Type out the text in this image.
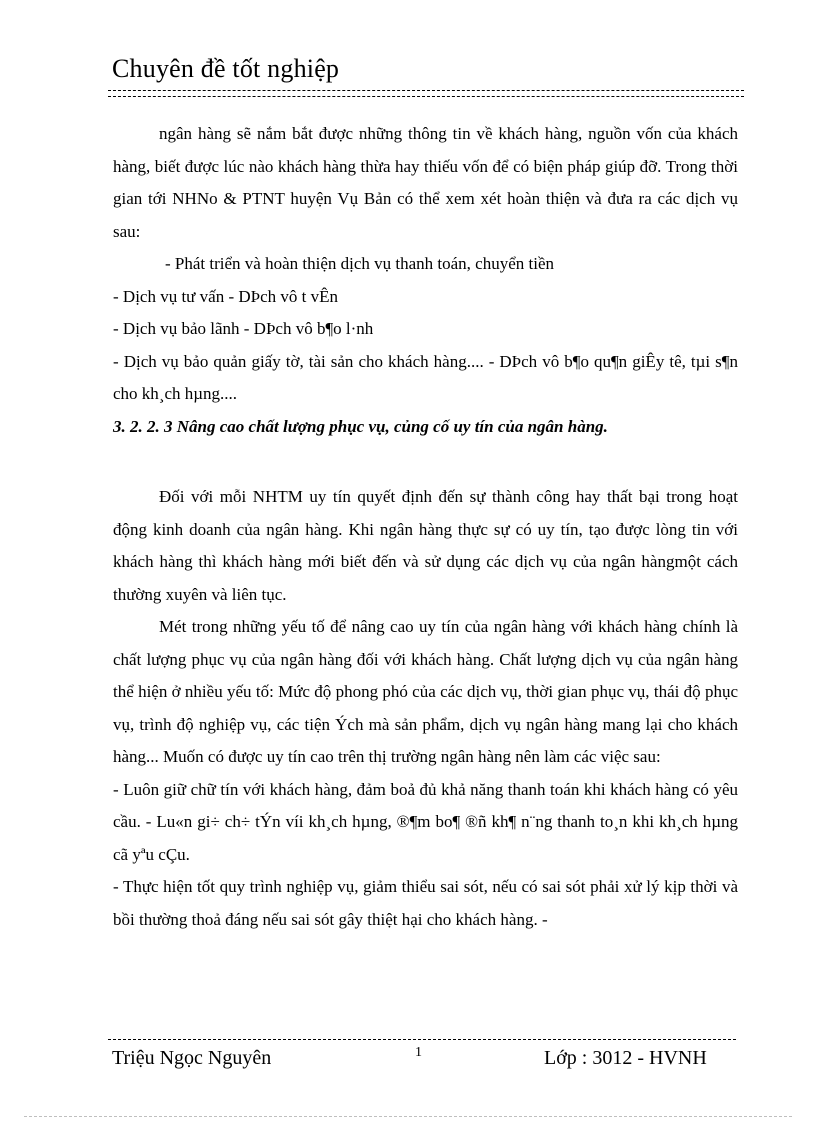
Chuyên đề tốt nghiệp

ngân hàng sẽ nắm bắt được những thông tin về khách hàng, nguồn vốn của khách hàng, biết được lúc nào khách hàng thừa hay thiếu vốn để có biện pháp giúp đỡ. Trong thời gian tới NHNo & PTNT huyện Vụ Bản có thể xem xét hoàn thiện và đưa ra các dịch vụ sau:

- Phát triển và hoàn thiện dịch vụ thanh toán, chuyển tiền

- Dịch vụ tư vấn - DÞch vô t vÊn

- Dịch vụ bảo lãnh - DÞch vô b¶o l·nh

- Dịch vụ bảo quản giấy tờ, tài sản cho khách hàng.... - DÞch vô b¶o qu¶n giÊy tê, tµi s¶n cho kh¸ch hµng....

3. 2. 2. 3 Nâng cao chất lượng phục vụ, củng cố uy tín của ngân hàng.

Đối với mỗi NHTM uy tín quyết định đến sự thành công hay thất bại trong hoạt động kinh doanh của ngân hàng. Khi ngân hàng thực sự có uy tín, tạo được lòng tin với khách hàng thì khách hàng mới biết đến và sử dụng các dịch vụ của ngân hàngmột cách thường xuyên và liên tục.

Mét trong những yếu tố để nâng cao uy tín của ngân hàng với khách hàng chính là chất lượng phục vụ của ngân hàng đối với khách hàng. Chất lượng dịch vụ của ngân hàng thể hiện ở nhiều yếu tố: Mức độ phong phó của các dịch vụ, thời gian phục vụ, thái độ phục vụ, trình độ nghiệp vụ, các tiện Ých mà sản phẩm, dịch vụ ngân hàng mang lại cho khách hàng... Muốn có được uy tín cao trên thị trường ngân hàng nên làm các việc sau:

- Luôn giữ chữ tín với khách hàng, đảm boả đủ khả năng thanh toán khi khách hàng có yêu cầu. - Lu«n gi÷ ch÷ tÝn víi kh¸ch hµng, ®¶m bo¶ ®ñ kh¶ n¨ng thanh to¸n khi kh¸ch hµng cã yªu cÇu.

- Thực hiện tốt quy trình nghiệp vụ, giảm thiểu sai sót, nếu có sai sót phải xử lý kịp thời và bồi thường thoả đáng nếu sai sót gây thiệt hại cho khách hàng. -

Triệu Ngọc Nguyên	1	Lớp : 3012 - HVNH
